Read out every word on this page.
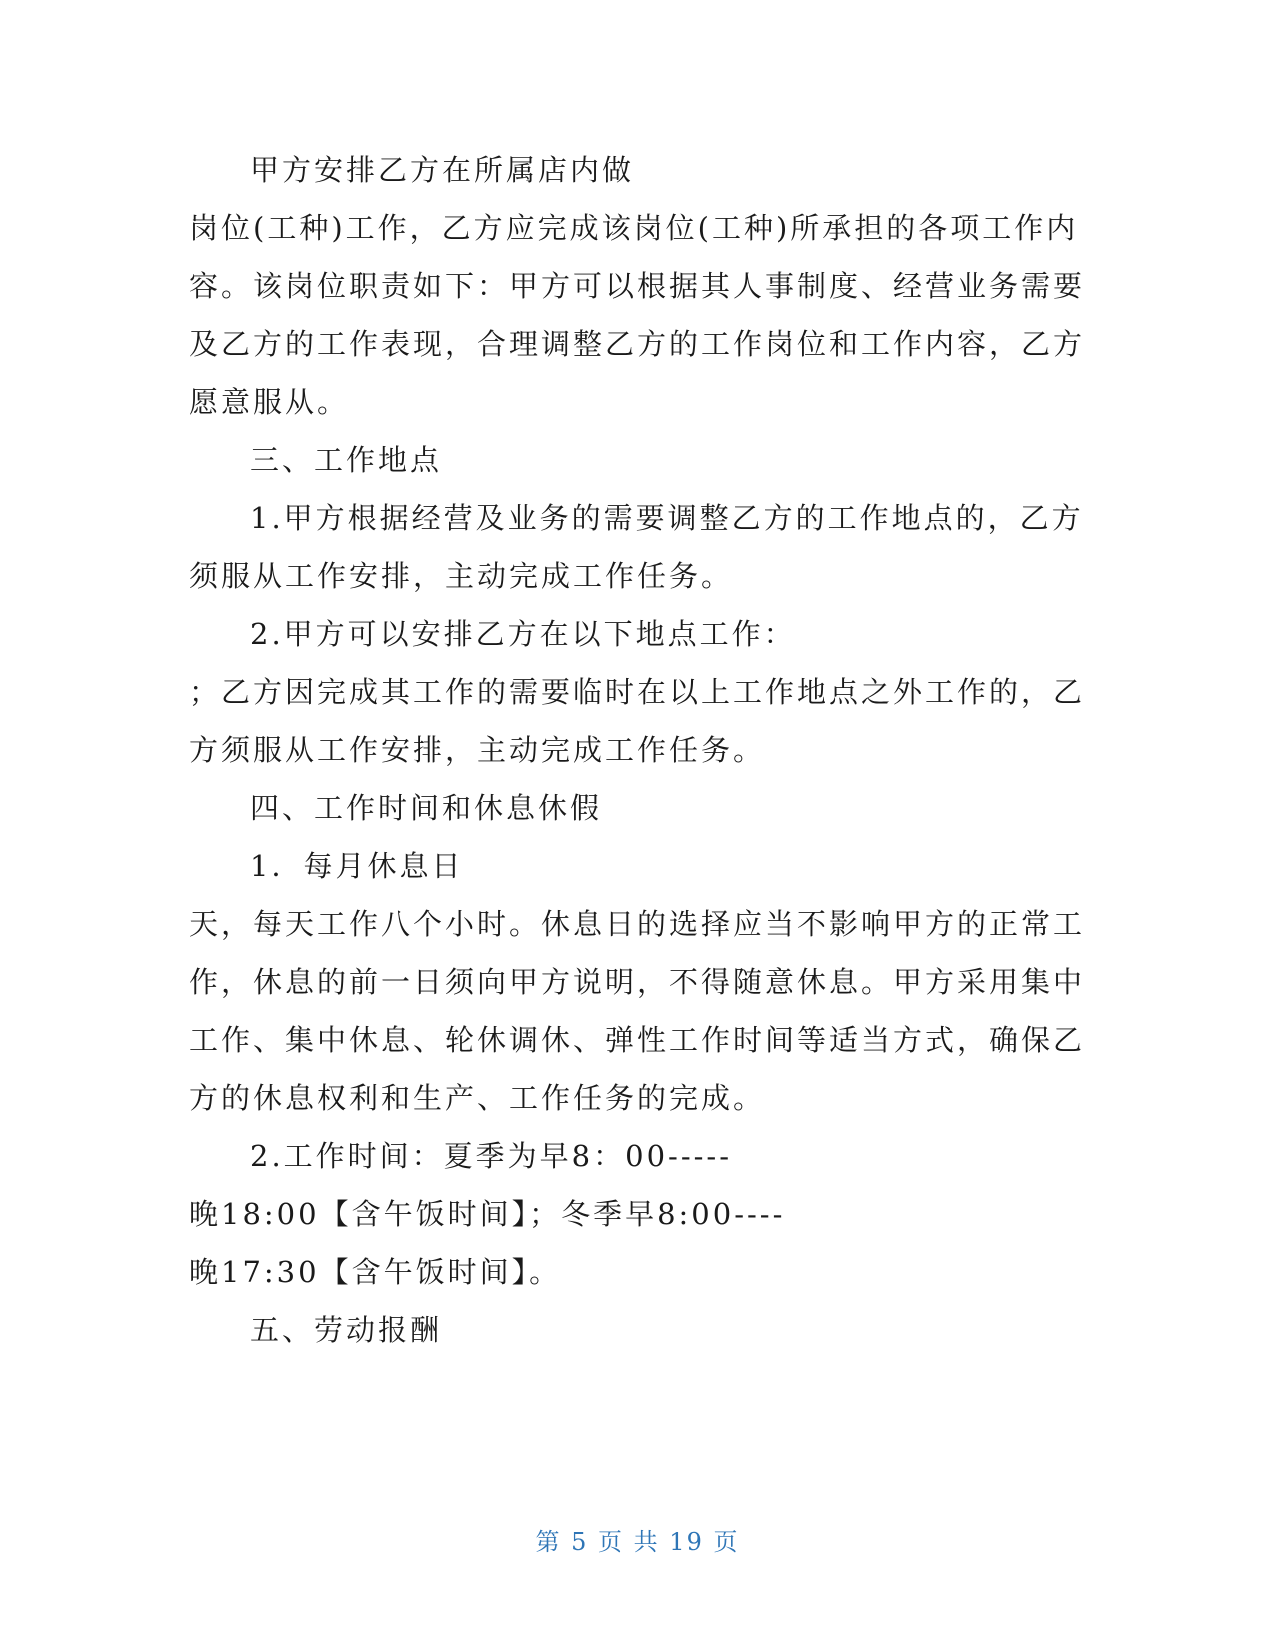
甲方安排乙方在所属店内做
岗位(工种)工作，乙方应完成该岗位(工种)所承担的各项工作内
容。该岗位职责如下：甲方可以根据其人事制度、经营业务需要
及乙方的工作表现，合理调整乙方的工作岗位和工作内容，乙方
愿意服从。
三、工作地点
1.甲方根据经营及业务的需要调整乙方的工作地点的，乙方
须服从工作安排，主动完成工作任务。
2.甲方可以安排乙方在以下地点工作：
；乙方因完成其工作的需要临时在以上工作地点之外工作的，乙
方须服从工作安排，主动完成工作任务。
四、工作时间和休息休假
1．每月休息日
天，每天工作八个小时。休息日的选择应当不影响甲方的正常工
作，休息的前一日须向甲方说明，不得随意休息。甲方采用集中
工作、集中休息、轮休调休、弹性工作时间等适当方式，确保乙
方的休息权利和生产、工作任务的完成。
2.工作时间：夏季为早8：00-----
晚18:00【含午饭时间】；冬季早8:00----
晚17:30【含午饭时间】。
五、劳动报酬
第 5 页 共 19 页
